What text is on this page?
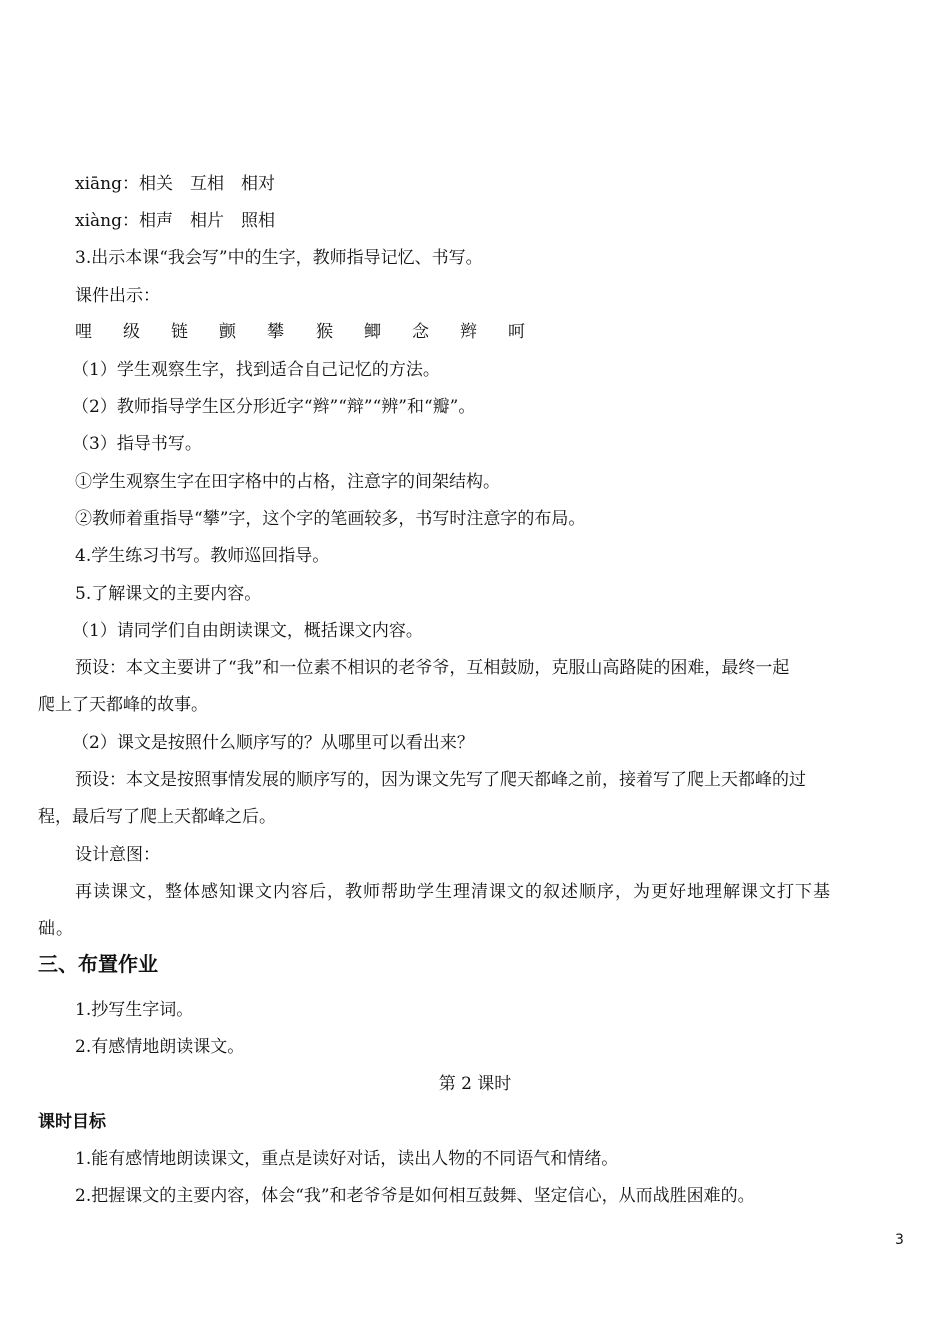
xiāng：相关　互相　相对
xiàng：相声　相片　照相
3.出示本课“我会写”中的生字，教师指导记忆、书写。
课件出示：
哩 级 链 颤 攀 猴 鲫 念 辫 呵
（1）学生观察生字，找到适合自己记忆的方法。
（2）教师指导学生区分形近字“辫”“辩”“辨”和“瓣”。
（3）指导书写。
①学生观察生字在田字格中的占格，注意字的间架结构。
②教师着重指导“攀”字，这个字的笔画较多，书写时注意字的布局。
4.学生练习书写。教师巡回指导。
5.了解课文的主要内容。
（1）请同学们自由朗读课文，概括课文内容。
预设：本文主要讲了“我”和一位素不相识的老爷爷，互相鼓励，克服山高路陡的困难，最终一起
爬上了天都峰的故事。
（2）课文是按照什么顺序写的？从哪里可以看出来？
预设：本文是按照事情发展的顺序写的，因为课文先写了爬天都峰之前，接着写了爬上天都峰的过
程，最后写了爬上天都峰之后。
设计意图：
再读课文，整体感知课文内容后，教师帮助学生理清课文的叙述顺序，为更好地理解课文打下基
础。
三、布置作业
1.抄写生字词。
2.有感情地朗读课文。
第 2 课时
课时目标
1.能有感情地朗读课文，重点是读好对话，读出人物的不同语气和情绪。
2.把握课文的主要内容，体会“我”和老爷爷是如何相互鼓舞、坚定信心，从而战胜困难的。
3
